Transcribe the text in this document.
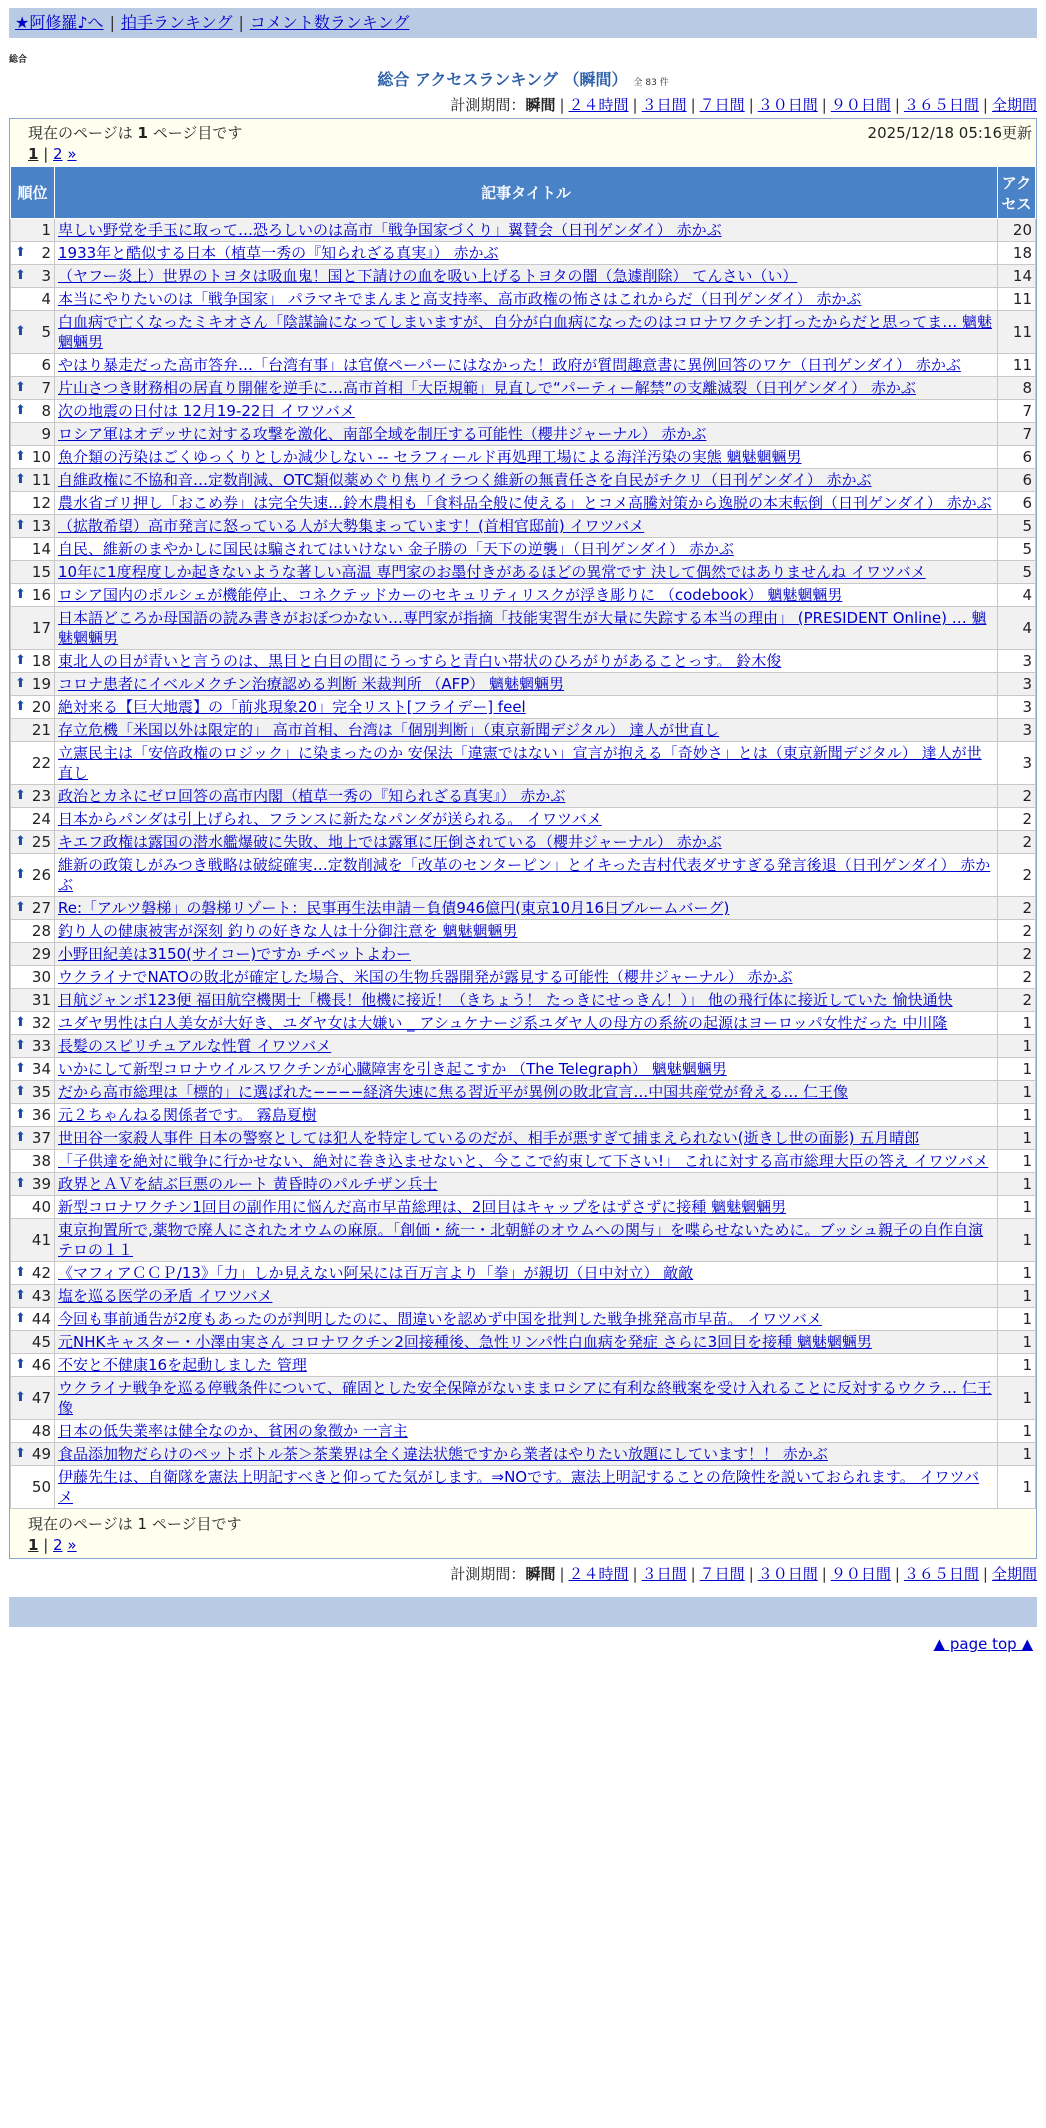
★阿修羅♪へ | 拍手ランキング | コメント数ランキング
総合
総合 アクセスランキング （瞬間） 全 83 件
計測期間：瞬間 | ２４時間 | ３日間 | ７日間 | ３０日間 | ９０日間 | ３６５日間 | 全期間
現在のページは 1 ページ目です	2025/12/18 05:16更新
1 | 2 »
順位	記事タイトル	アクセス
1	卑しい野党を手玉に取って…恐ろしいのは高市「戦争国家づくり」翼賛会（日刊ゲンダイ） 赤かぶ	20

⬆ 2	1933年と酷似する日本（植草一秀の『知られざる真実』） 赤かぶ	18

⬆ 3	（ヤフー炎上）世界のトヨタは吸血鬼！国と下請けの血を吸い上げるトヨタの闇（急遽削除） てんさい（い）	14
4	本当にやりたいのは「戦争国家」 パラマキでまんまと高支持率、高市政権の怖さはこれからだ（日刊ゲンダイ） 赤かぶ	11

⬆ 5	白血病で亡くなったミキオさん「陰謀論になってしまいますが、自分が白血病になったのはコロナワクチン打ったからだと思ってま… 魑魅魍魎男	11
6	やはり暴走だった高市答弁…「台湾有事」は官僚ペーパーにはなかった！政府が質問趣意書に異例回答のワケ（日刊ゲンダイ） 赤かぶ	11

⬆ 7	片山さつき財務相の居直り開催を逆手に…高市首相「大臣規範」見直しで“パーティー解禁”の支離滅裂（日刊ゲンダイ） 赤かぶ	8

⬆ 8	次の地震の日付は 12月19-22日 イワツバメ	7
9	ロシア軍はオデッサに対する攻撃を激化、南部全域を制圧する可能性（櫻井ジャーナル） 赤かぶ	7

⬆ 10	魚介類の汚染はごくゆっくりとしか減少しない -- セラフィールド再処理工場による海洋汚染の実態 魑魅魍魎男	6

⬆ 11	自維政権に不協和音…定数削減、OTC類似薬めぐり焦りイラつく維新の無責任さを自民がチクリ（日刊ゲンダイ） 赤かぶ	6
12	農水省ゴリ押し「おこめ券」は完全失速…鈴木農相も「食料品全般に使える」とコメ高騰対策から逸脱の本末転倒（日刊ゲンダイ） 赤かぶ	6

⬆ 13	（拡散希望）高市発言に怒っている人が大勢集まっています！(首相官邸前) イワツバメ	5
14	自民、維新のまやかしに国民は騙されてはいけない 金子勝の「天下の逆襲」（日刊ゲンダイ） 赤かぶ	5
15	10年に1度程度しか起きないような著しい高温 専門家のお墨付きがあるほどの異常です 決して偶然ではありませんね イワツバメ	5

⬆ 16	ロシア国内のポルシェが機能停止、コネクテッドカーのセキュリティリスクが浮き彫りに （codebook） 魑魅魍魎男	4
17	日本語どころか母国語の読み書きがおぼつかない…専門家が指摘「技能実習生が大量に失踪する本当の理由」 (PRESIDENT Online) … 魑魅魍魎男	4

⬆ 18	東北人の目が青いと言うのは、黒目と白目の間にうっすらと青白い帯状のひろがりがあることっす。 鈴木俊	3

⬆ 19	コロナ患者にイベルメクチン治療認める判断 米裁判所 （AFP） 魑魅魍魎男	3

⬆ 20	絶対来る【巨大地震】の「前兆現象20」完全リスト[フライデー] feel	3
21	存立危機「米国以外は限定的」 高市首相、台湾は「個別判断」（東京新聞デジタル） 達人が世直し	3
22	立憲民主は「安倍政権のロジック」に染まったのか 安保法「違憲ではない」宣言が抱える「奇妙さ」とは（東京新聞デジタル） 達人が世直し	3

⬆ 23	政治とカネにゼロ回答の高市内閣（植草一秀の『知られざる真実』） 赤かぶ	2
24	日本からパンダは引上げられ、フランスに新たなパンダが送られる。 イワツバメ	2

⬆ 25	キエフ政権は露国の潜水艦爆破に失敗、地上では露軍に圧倒されている（櫻井ジャーナル） 赤かぶ	2

⬆ 26	維新の政策しがみつき戦略は破綻確実…定数削減を「改革のセンターピン」とイキった吉村代表ダサすぎる発言後退（日刊ゲンダイ） 赤かぶ	2

⬆ 27	Re:「アルツ磐梯」の磐梯リゾート：民事再生法申請－負債946億円(東京10月16日ブルームバーグ)	2
28	釣り人の健康被害が深刻 釣りの好きな人は十分御注意を 魑魅魍魎男	2
29	小野田紀美は3150(サイコー)ですか チベットよわー	2
30	ウクライナでNATOの敗北が確定した場合、米国の生物兵器開発が露見する可能性（櫻井ジャーナル） 赤かぶ	2
31	日航ジャンボ123便 福田航空機関士「機長！他機に接近！（きちょう！ たっきにせっきん！）」 他の飛行体に接近していた 愉快通快	2

⬆ 32	ユダヤ男性は白人美女が大好き、ユダヤ女は大嫌い _ アシュケナージ系ユダヤ人の母方の系統の起源はヨーロッパ女性だった 中川隆	1

⬆ 33	長髪のスピリチュアルな性質 イワツバメ	1

⬆ 34	いかにして新型コロナウイルスワクチンが心臓障害を引き起こすか （The Telegraph） 魑魅魍魎男	1

⬆ 35	だから高市総理は「標的」に選ばれた−−−−経済失速に焦る習近平が異例の敗北宣言…中国共産党が脅える… 仁王像	1

⬆ 36	元２ちゃんねる関係者です。 霧島夏樹	1

⬆ 37	世田谷一家殺人事件 日本の警察としては犯人を特定しているのだが、相手が悪すぎて捕まえられない(逝きし世の面影) 五月晴郎	1
38	「子供達を絶対に戦争に行かせない、絶対に巻き込ませないと、今ここで約束して下さい!」 これに対する高市総理大臣の答え イワツバメ	1

⬆ 39	政界とＡＶを結ぶ巨悪のルート 黄昏時のパルチザン兵士	1
40	新型コロナワクチン1回目の副作用に悩んだ高市早苗総理は、2回目はキャップをはずさずに接種 魑魅魍魎男	1
41	東京拘置所で,薬物で廃人にされたオウムの麻原。「創価・統一・北朝鮮のオウムへの関与」を喋らせないために。ブッシュ親子の自作自演テロの１１	1

⬆ 42	《マフィアＣＣＰ/13》「力」しか見えない阿呆には百万言より「拳」が親切（日中対立） 敵敵	1

⬆ 43	塩を巡る医学の矛盾 イワツバメ	1

⬆ 44	今回も事前通告が2度もあったのが判明したのに、間違いを認めず中国を批判した戦争挑発高市早苗。 イワツバメ	1
45	元NHKキャスター・小澤由実さん コロナワクチン2回接種後、急性リンパ性白血病を発症 さらに3回目を接種 魑魅魍魎男	1

⬆ 46	不安と不健康16を起動しました 管理	1

⬆ 47	ウクライナ戦争を巡る停戦条件について、確固とした安全保障がないままロシアに有利な終戦案を受け入れることに反対するウクラ… 仁王像	1
48	日本の低失業率は健全なのか、貧困の象徴か 一言主	1

⬆ 49	食品添加物だらけのペットボトル茶＞茶業界は全く違法状態ですから業者はやりたい放題にしています！！ 赤かぶ	1
50	伊藤先生は、自衛隊を憲法上明記すべきと仰ってた気がします。⇒NOです。憲法上明記することの危険性を説いておられます。 イワツバメ	1
現在のページは 1 ページ目です
1 | 2 »
計測期間：瞬間 | ２４時間 | ３日間 | ７日間 | ３０日間 | ９０日間 | ３６５日間 | 全期間
▲ page top ▲
